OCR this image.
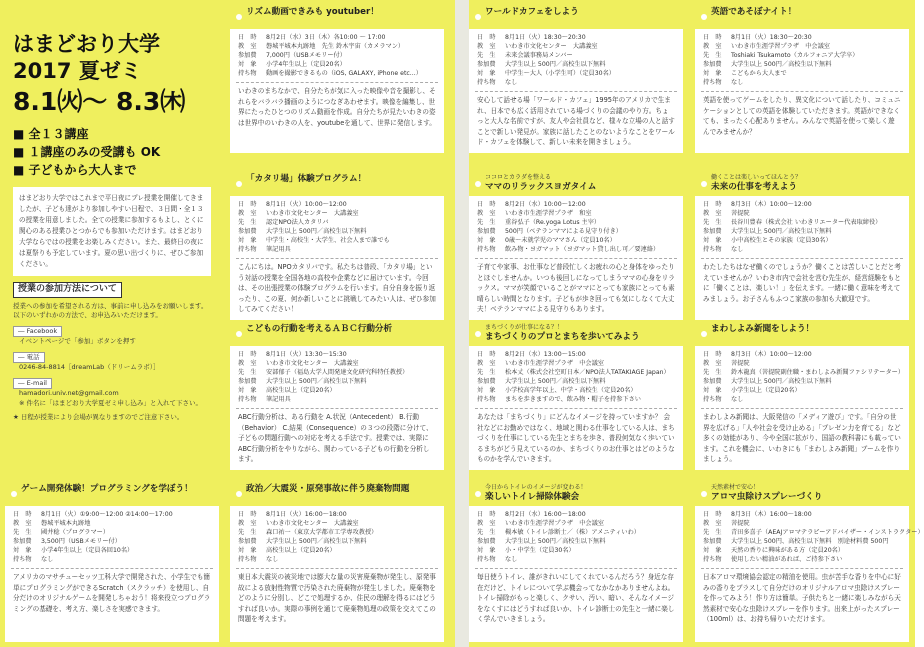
はまどおり大学
2017 夏ゼミ
8.1㈫〜 8.3㈭
■ 全１３講座
■ １講座のみの受講も OK
■ 子どもから大人まで
はまどおり大学ではこれまで平日夜にプレ授業を開催してきましたが、子ども達がより参加しやすい日程で、３日間・全１３の授業を用意しました。全ての授業に参加するもよし、とくに関心のある授業ひとつからでも参加いただけます。はまどおり大学ならではの授業をお楽しみください。また、最終日の夜には夏祭りも予定しています。夏の思い出づくりに、ぜひご参加ください。
授業の参加方法について
授業への参加を希望される方は、事前に申し込みをお願いします。以下のいずれかの方法で、お申込みいただけます。
― Facebook
イベントページで「参加」ボタンを押す
― 電話
0246-84-8814［dreamLab（ドリームラボ）］
― E-mail
hamadori.univ.net@gmail.com
※ 件名に「はまどおり大学夏ゼミ申し込み」と入れて下さい。
★ 日程が授業により会場が異なりますのでご注意下さい。
リズム動画できみも youtuber！
日　時	8月2日（水）3日（木）各10:00 ～ 17:00
教　室	磐城平城本丸跡地　先生 鈴木宇宙（カメラマン）
参加費	7,000円（USBメモリー付）
対　象	小学4年生以上（定員20名）
持ち物	動画を撮影できるもの（iOS, GALAXY, iPhone etc...）
いわきのまちなかで、自分たちが気に入った映像や音を撮影し、それらをバラバラ播画のようにつなぎあわせます。映像を編集し、世界にたったひとつのリズム動画を作成。自分たちが見たいわきの姿は世界中のいわきの人を、youtubeを通して、世界に発信します。
ワールドカフェをしよう
日　時	8月1日（火）18:30～20:30
教　室	いわき市文化センター　大講義室
先　生	未来会議事務局メンバー
参加費	大学生以上 500円／高校生以下無料
対　象	中学生～大人（小学生可）（定員30名）
持ち物	なし
安心して話せる場「ワールド・カフェ」1995年のアメリカで生まれ、日本でも広く活用されている場づくりの会議のやり方。ちょっと大人な名前ですが、友人や会社員など、様々な立場の人と話すことで新しい発見が。家族に話したことのないようなことをワールド・カフェを体験して、新しい未来を開きましょう。
英語であそぼナイト！
日　時	8月1日（火）18:30～20:30
教　室	いわき市生涯学習プラザ　中会議室
先　生	Toshiaki Tsukamoto（カルフォニア大学卒）
参加費	大学生以上 500円／高校生以下無料
対　象	こどもから大人まで
持ち物	なし
英語を使ってゲームをしたり、異文化について話したり、コミュニケーションとしての英語を体験していただきます。英語ができなくても、まったく心配ありません。みんなで英語を使って楽しく遊んでみませんか？
「カタリ場」体験プログラム！
日　時	8月1日（火）10:00～12:00
教　室	いわき市文化センター　大講義室
先　生	認定NPO法人カタリバ
参加費	大学生以上 500円／高校生以下無料
対　象	中学生・高校生・大学生、社会人まで誰でも
持ち物	筆記用具
こんにちは。NPOカタリバです。私たちは普段、「カタリ場」という対話の授業を全国各地の高校や企業などに届けています。今回は、その出張授業の体験プログラムを行います。自分自身を振り返ったり、この夏、何か新しいことに挑戦してみたい人は、ぜひ参加してみてください！
ココロとカラダを整える
ママのリラックスヨガタイム
日　時	8月2日（水）10:00～12:00
教　室	いわき市生涯学習プラザ　和室
先　生	重谷弘子（Re.yoga Lotus 主宰）
参加費	500円（ベテランママによる見守り付き）
対　象	0歳～未就学児のママさん（定員10名）
持ち物	飲み物・ヨガマット（ヨガマット貸し出し可／要連絡）
子育てや家事、お仕事など普段忙しくお疲れの心と身体をゆったりとほぐしませんか。いつも後回しになってしまうママの心身をリラックス。ママが笑顔でいることがママにとっても家族にとっても素晴らしい時間となります。子どもが歩き回っても気にしなくて大丈夫！ベテランママによる見守りもあります。
働くことは楽しいってほんとう？
未来の仕事を考えよう
日　時	8月3日（木）10:00～12:00
教　室	菩提院
先　生	長谷川豊春（株式会社 いわきリエーター代表取締役）
参加費	大学生以上 500円／高校生以下無料
対　象	小中高校生とその家族（定員30名）
持ち物	なし
わたしたちはなぜ働くのでしょうか？働くことは苦しいことだと考えていませんか？いわき市内で会社を営む先生が、経営経験をもとに「働くことは、楽しい！」を伝えます。一緒に働く意味を考えてみましょう。お子さんもふつこ家族の参加も大歓迎です。
こどもの行動を考えるＡＢＣ行動分析
日　時	8月1日（火）13:30～15:30
教　室	いわき市文化センター　大講義室
先　生	安部郁子（福島大学人間発達文化研究科特任教授）
参加費	大学生以上 500円／高校生以下無料
対　象	高校生以上（定員20名）
持ち物	筆記用具
ABC行動分析は、ある行動を A.状況（Antecedent） B.行動（Behavior） C.結果（Consequence）の３つの段階に分けて、子どもの問題行動への対応を考える手法です。授業では、実際にABC行動分析をやりながら、関わっている子どもの行動を分析します。
まちづくりが仕事になる？！
まちづくりのプロとまちを歩いてみよう
日　時	8月2日（水）13:00～15:00
教　室	いわき市生涯学習プラザ　中会議室
先　生	松本丈（株式会社空町日本／NPO法人TATAKIAGE Japan）
参加費	大学生以上 500円／高校生以下無料
対　象	小学校高学年以上、中学・高校生（定員20名）
持ち物	まちを歩きますので、飲み物・帽子を持参下さい
あなたは「まちづくり」にどんなイメージを持っていますか？ 会社などにお勤めではなく、地域と関わる仕事をしている人は、まちづくりを仕事にしている先生とまちを歩き、普段何気なく歩いているまちがどう見えているのか、まちづくりのお仕事とはどのようなものかを学んでいきます。
まわしよみ新聞をしよう！
日　時	8月3日（木）10:00～12:00
教　室	菩提院
先　生	鈴木龍真（菩提院副住職・まわしよみ新聞ファシリテーター）
参加費	大学生以上 500円／高校生以下無料
対　象	小学生以上（定員20名）
持ち物	なし
まわしよみ新聞は、大阪発信の「メディア遊び」です。「自分の世界を広げる」「人や社会を受け止める」「プレゼン力を育てる」など多くの効能があり、今や全国に拡がり、国語の教科書にも載っています。これを機会に、いわきにも「まわしよみ新聞」ブームを作りましょう。
ゲーム開発体験！プログラミングを学ぼう！
日　時	8月1日（火）①9:00～12:00 ②14:00～17:00
教　室	磐城平城本丸跡地
先　生	國井稔（プログラマー）
参加費	3,500円（USBメモリー付）
対　象	小学4年生以上（定員各回10名）
持ち物	なし
アメリカのマサチューセッツ工科大学で開発された、小学生でも簡単にプログラミングができるScratch（スクラッチ）を使用し、自分だけのオリジナルゲームを開発しちゃおう！将来役立つプログラミングの基礎を、考え方、楽しさを実感できます。
政治／大震災・原発事故に伴う廃棄物問題
日　時	8月1日（火）16:00～18:00
教　室	いわき市文化センター　大講義室
先　生	森口祐一（東京大学都市工学専攻教授）
参加費	大学生以上 500円／高校生以下無料
対　象	高校生以上（定員20名）
持ち物	なし
東日本大震災の被災地では膨大な量の災害廃棄物が発生し、原発事故による放射性物質で汚染された廃棄物が発生しました。廃棄物をどのように分別し、どこで処理するか、住民の理解を得るにはどうすれば良いか。実際の事例を通じて廃棄物処理の政策を交えてこの問題を考えます。
今日からトイレのイメージが変わる！
楽しいトイレ掃除体験会
日　時	8月2日（水）16:00～18:00
教　室	いわき市生涯学習プラザ　中会議室
先　生	槻本敏（トイレ診断士／（株）アメニティいわ）
参加費	大学生以上 500円／高校生以下無料
対　象	小・中学生（定員30名）
持ち物	なし
毎日使うトイレ、誰がきれいにしてくれているんだろう？身近な存在だけど、トイレについて学ぶ機会ってなかなかありませんよね。トイレ掃除がもっと楽しく、クサい、汚い、暗い、そんなイメージをなくすにはどうすれば良いか、トイレ診断士の先生と一緒に楽しく学んでいきましょう。
天然素材で安心！
アロマ虫除けスプレーづくり
日　時	8月3日（木）16:00～18:00
教　室	菩提院
先　生	青田多喜子（AEAJアロマテラピーアドバイザー・インストラクター）
参加費	大学生以上 500円、高校生以下無料　別途材料費 500円
対　象	天然の香りに興味がある方（定員20名）
持ち物	使用したい精油があれば、ご持参下さい
日本アロマ環境協会認定の精油を使用。虫が苦手な香りを中心に好みの香りをブラスして自分だけのオリジナルアロマ虫除けスプレーを作ってみよう！作り方は簡単。子供たちと一緒に楽しみながら天然素材で安心な虫除けスプレーを作ります。出来上がったスプレー（100ml）は、お持ち帰りいただけます。
